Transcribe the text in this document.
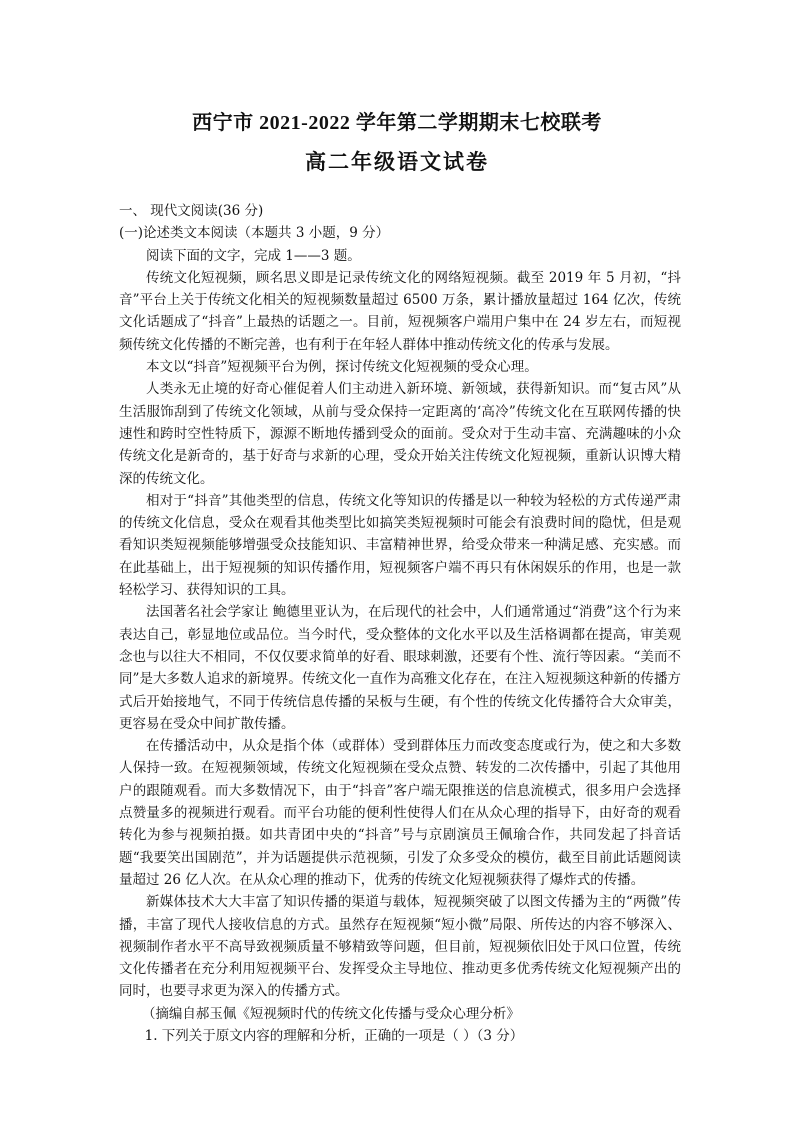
西宁市 2021-2022 学年第二学期期末七校联考
高二年级语文试卷

一、 现代文阅读(36 分)

(一)论述类文本阅读（本题共 3 小题，9 分）

阅读下面的文字，完成 1——3 题。

传统文化短视频，顾名思义即是记录传统文化的网络短视频。截至 2019 年 5 月初，“抖音”平台上关于传统文化相关的短视频数量超过 6500 万条，累计播放量超过 164 亿次，传统文化话题成了“抖音”上最热的话题之一。目前，短视频客户端用户集中在 24 岁左右，而短视频传统文化传播的不断完善，也有利于在年轻人群体中推动传统文化的传承与发展。

本文以“抖音”短视频平台为例，探讨传统文化短视频的受众心理。

人类永无止境的好奇心催促着人们主动进入新环境、新领域，获得新知识。而“复古风”从生活服饰刮到了传统文化领域，从前与受众保持一定距离的‘高冷”传统文化在互联网传播的快速性和跨时空性特质下，源源不断地传播到受众的面前。受众对于生动丰富、充满趣味的小众传统文化是新奇的，基于好奇与求新的心理，受众开始关注传统文化短视频，重新认识博大精深的传统文化。

相对于“抖音”其他类型的信息，传统文化等知识的传播是以一种较为轻松的方式传递严肃的传统文化信息，受众在观看其他类型比如搞笑类短视频时可能会有浪费时间的隐忧，但是观看知识类短视频能够增强受众技能知识、丰富精神世界，给受众带来一种满足感、充实感。而在此基础上，出于短视频的知识传播作用，短视频客户端不再只有休闲娱乐的作用，也是一款轻松学习、获得知识的工具。

法国著名社会学家让 鲍德里亚认为，在后现代的社会中，人们通常通过“消费”这个行为来表达自己，彰显地位或品位。当今时代，受众整体的文化水平以及生活格调都在提高，审美观念也与以往大不相同，不仅仅要求简单的好看、眼球刺激，还要有个性、流行等因素。“美而不同”是大多数人追求的新境界。传统文化一直作为高雅文化存在，在注入短视频这种新的传播方式后开始接地气，不同于传统信息传播的呆板与生硬，有个性的传统文化传播符合大众审美，更容易在受众中间扩散传播。

在传播活动中，从众是指个体（或群体）受到群体压力而改变态度或行为，使之和大多数人保持一致。在短视频领域，传统文化短视频在受众点赞、转发的二次传播中，引起了其他用户的跟随观看。而大多数情况下，由于“抖音”客户端无限推送的信息流模式，很多用户会选择点赞量多的视频进行观看。而平台功能的便利性使得人们在从众心理的指导下，由好奇的观看转化为参与视频拍摄。如共青团中央的“抖音”号与京剧演员王佩瑜合作，共同发起了抖音话题“我要笑出国剧范”，并为话题提供示范视频，引发了众多受众的模仿，截至目前此话题阅读量超过 26 亿人次。在从众心理的推动下，优秀的传统文化短视频获得了爆炸式的传播。

新媒体技术大大丰富了知识传播的渠道与载体，短视频突破了以图文传播为主的“两微”传播，丰富了现代人接收信息的方式。虽然存在短视频“短小微”局限、所传达的内容不够深入、视频制作者水平不高导致视频质量不够精致等问题，但目前，短视频依旧处于风口位置，传统文化传播者在充分利用短视频平台、发挥受众主导地位、推动更多优秀传统文化短视频产出的同时，也要寻求更为深入的传播方式。

（摘编自郝玉佩《短视频时代的传统文化传播与受众心理分析》

1. 下列关于原文内容的理解和分析，正确的一项是（ ）（3 分）
